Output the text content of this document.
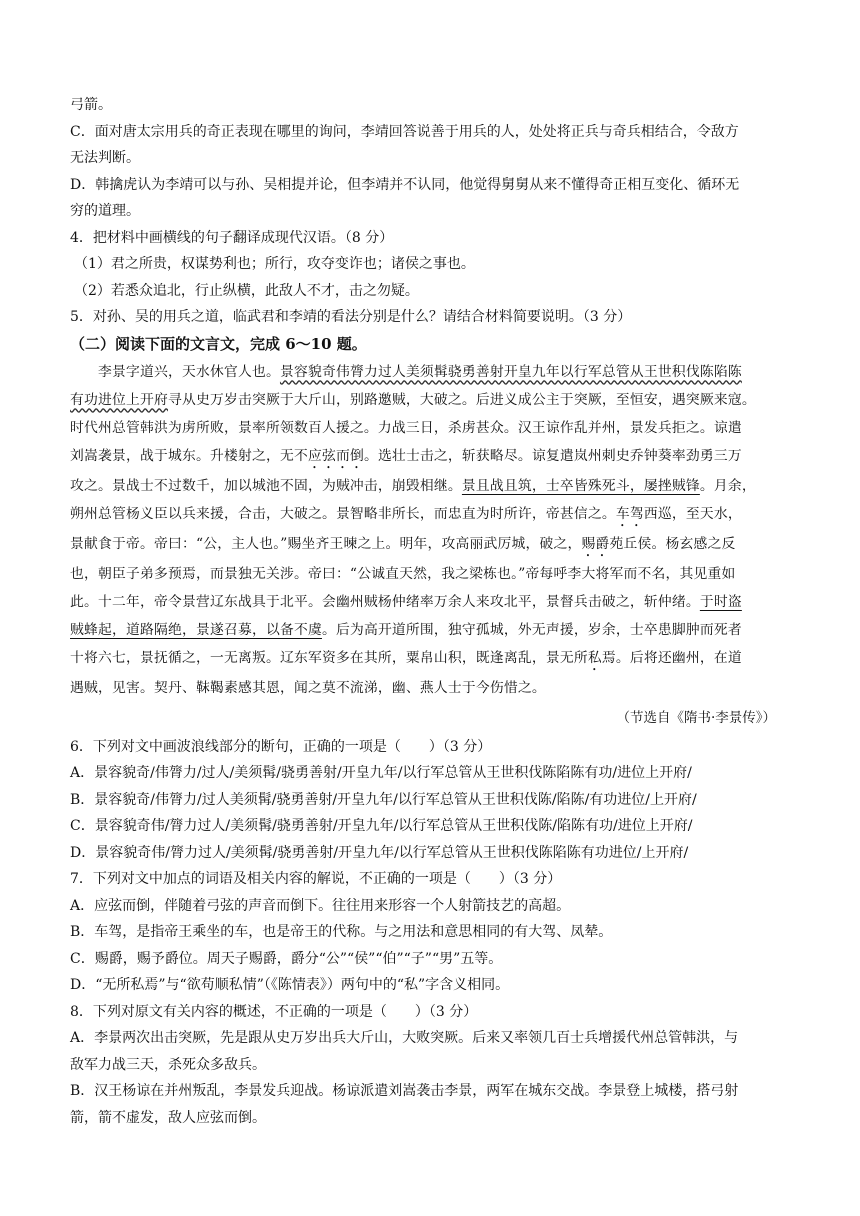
弓箭。
C．面对唐太宗用兵的奇正表现在哪里的询问，李靖回答说善于用兵的人，处处将正兵与奇兵相结合，令敌方
无法判断。
D．韩擒虎认为李靖可以与孙、吴相提并论，但李靖并不认同，他觉得舅舅从来不懂得奇正相互变化、循环无
穷的道理。
4．把材料中画横线的句子翻译成现代汉语。（8 分）
（1）君之所贵，权谋势利也；所行，攻夺变诈也；诸侯之事也。
（2）若悉众追北，行止纵横，此敌人不才，击之勿疑。
5．对孙、吴的用兵之道，临武君和李靖的看法分别是什么？请结合材料简要说明。（3 分）
（二）阅读下面的文言文，完成 6～10 题。
李景字道兴，天水休官人也。景容貌奇伟膂力过人美须髯骁勇善射开皇九年以行军总管从王世积伐陈陷陈
有功进位上开府寻从史万岁击突厥于大斤山，别路邀贼，大破之。后进义成公主于突厥，至恒安，遇突厥来寇。
时代州总管韩洪为虏所败，景率所领数百人援之。力战三日，杀虏甚众。汉王谅作乱并州，景发兵拒之。谅遣
刘嵩袭景，战于城东。升楼射之，无不应弦而倒。选壮士击之，斩获略尽。谅复遣岚州刺史乔钟葵率劲勇三万
攻之。景战士不过数千，加以城池不固，为贼冲击，崩毁相继。景且战且筑，士卒皆殊死斗，屡挫贼锋。月余，
朔州总管杨义臣以兵来援，合击，大破之。景智略非所长，而忠直为时所许，帝甚信之。车驾西巡，至天水，
景献食于帝。帝曰：“公，主人也。”赐坐齐王暕之上。明年，攻高丽武厉城，破之，赐爵苑丘侯。杨玄感之反
也，朝臣子弟多预焉，而景独无关涉。帝曰：“公诚直天然，我之梁栋也。”帝每呼李大将军而不名，其见重如
此。十二年，帝令景营辽东战具于北平。会幽州贼杨仲绪率万余人来攻北平，景督兵击破之，斩仲绪。于时盗
贼蜂起，道路隔绝，景遂召募，以备不虞。后为高开道所围，独守孤城，外无声援，岁余，士卒患脚肿而死者
十将六七，景抚循之，一无离叛。辽东军资多在其所，粟帛山积，既逢离乱，景无所私焉。后将还幽州，在道
遇贼，见害。契丹、靺鞨素感其恩，闻之莫不流涕，幽、燕人士于今伤惜之。
（节选自《隋书·李景传》）
6．下列对文中画波浪线部分的断句，正确的一项是（　　）（3 分）
A．景容貌奇/伟膂力/过人/美须髯/骁勇善射/开皇九年/以行军总管从王世积伐陈陷陈有功/进位上开府/
B．景容貌奇/伟膂力/过人美须髯/骁勇善射/开皇九年/以行军总管从王世积伐陈/陷陈/有功进位/上开府/
C．景容貌奇伟/膂力过人/美须髯/骁勇善射/开皇九年/以行军总管从王世积伐陈/陷陈有功/进位上开府/
D．景容貌奇伟/膂力过人/美须髯/骁勇善射/开皇九年/以行军总管从王世积伐陈陷陈有功进位/上开府/
7．下列对文中加点的词语及相关内容的解说，不正确的一项是（　　）（3 分）
A．应弦而倒，伴随着弓弦的声音而倒下。往往用来形容一个人射箭技艺的高超。
B．车驾，是指帝王乘坐的车，也是帝王的代称。与之用法和意思相同的有大驾、凤辇。
C．赐爵，赐予爵位。周天子赐爵，爵分“公”“侯”“伯”“子”“男”五等。
D．“无所私焉”与“欲苟顺私情”（《陈情表》）两句中的“私”字含义相同。
8．下列对原文有关内容的概述，不正确的一项是（　　）（3 分）
A．李景两次出击突厥，先是跟从史万岁出兵大斤山，大败突厥。后来又率领几百士兵增援代州总管韩洪，与
敌军力战三天，杀死众多敌兵。
B．汉王杨谅在并州叛乱，李景发兵迎战。杨谅派遣刘嵩袭击李景，两军在城东交战。李景登上城楼，搭弓射
箭，箭不虚发，敌人应弦而倒。
